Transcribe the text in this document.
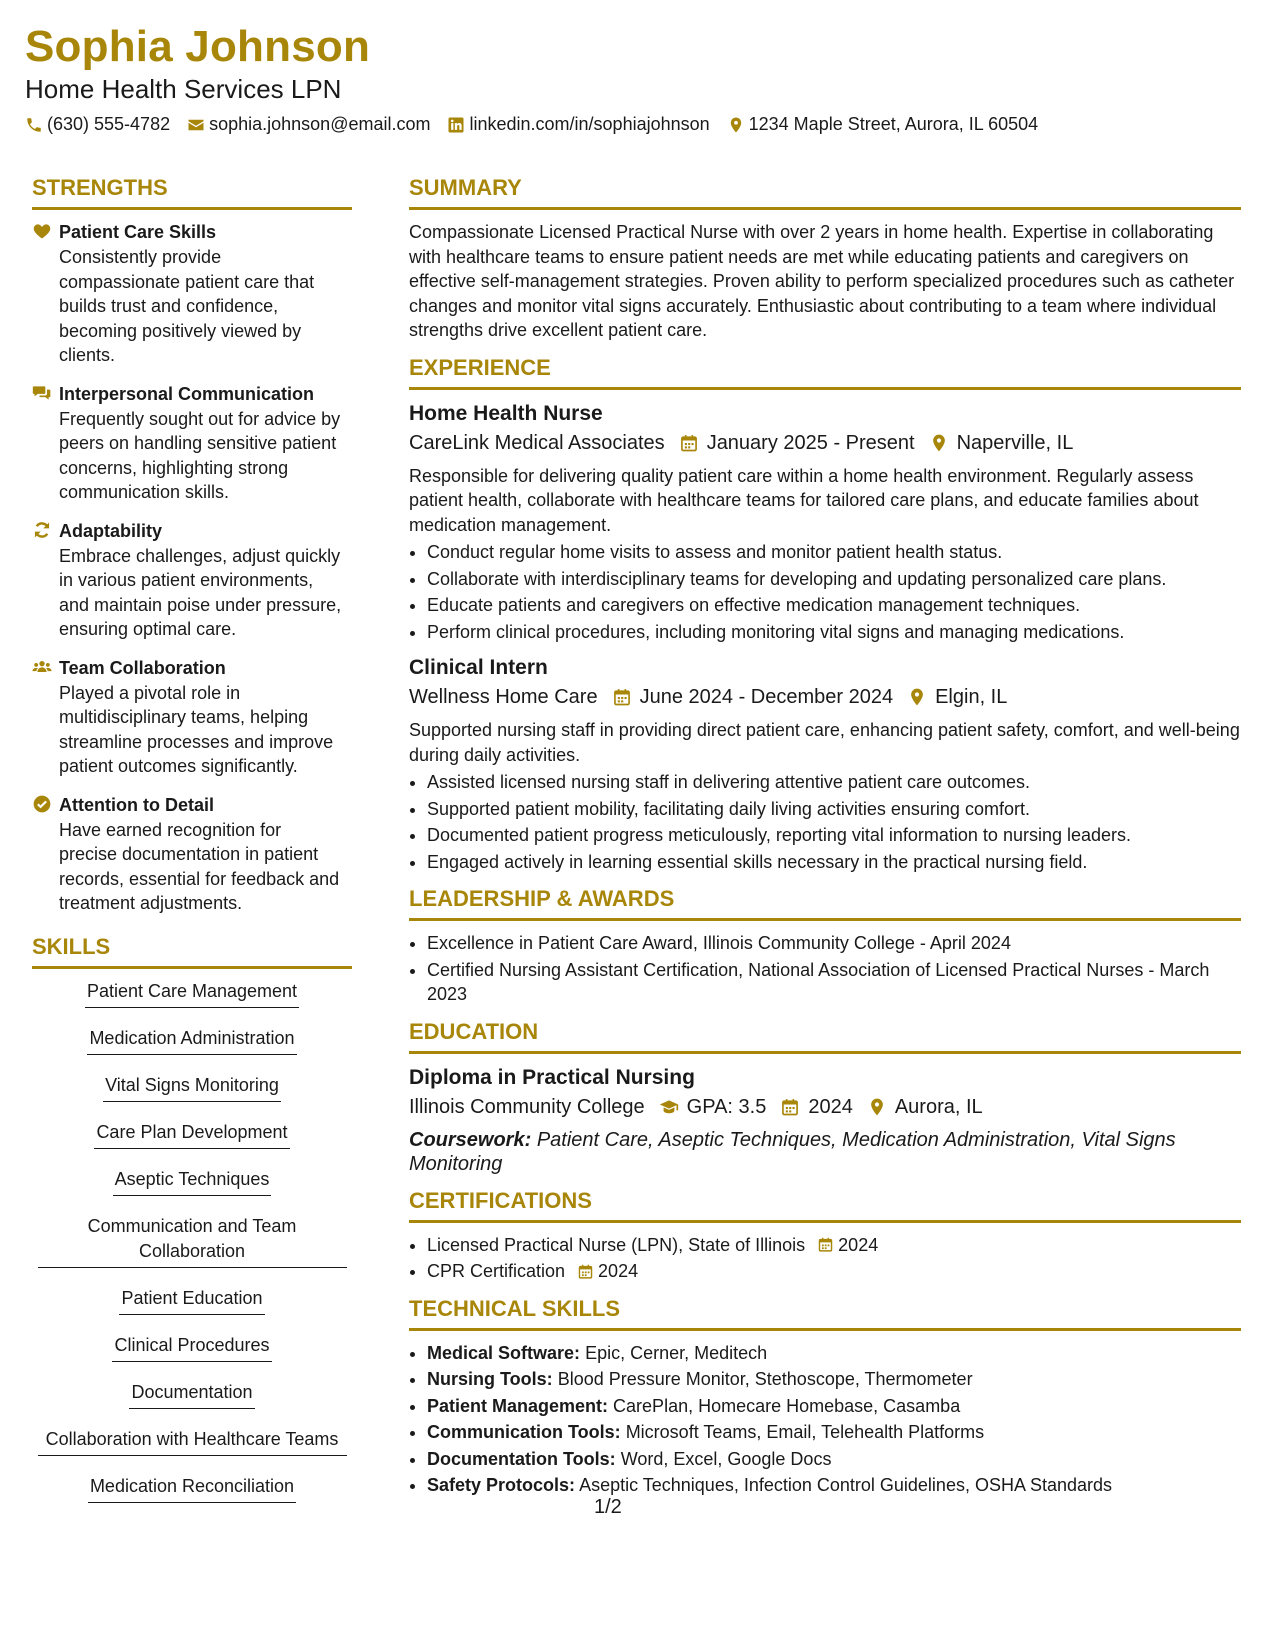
Sophia Johnson
Home Health Services LPN
(630) 555-4782 sophia.johnson@email.com linkedin.com/in/sophiajohnson 1234 Maple Street, Aurora, IL 60504
STRENGTHS
Patient Care Skills
Consistently provide compassionate patient care that builds trust and confidence, becoming positively viewed by clients.
Interpersonal Communication
Frequently sought out for advice by peers on handling sensitive patient concerns, highlighting strong communication skills.
Adaptability
Embrace challenges, adjust quickly in various patient environments, and maintain poise under pressure, ensuring optimal care.
Team Collaboration
Played a pivotal role in multidisciplinary teams, helping streamline processes and improve patient outcomes significantly.
Attention to Detail
Have earned recognition for precise documentation in patient records, essential for feedback and treatment adjustments.
SKILLS
Patient Care Management
Medication Administration
Vital Signs Monitoring
Care Plan Development
Aseptic Techniques
Communication and Team Collaboration
Patient Education
Clinical Procedures
Documentation
Collaboration with Healthcare Teams
Medication Reconciliation
SUMMARY
Compassionate Licensed Practical Nurse with over 2 years in home health. Expertise in collaborating with healthcare teams to ensure patient needs are met while educating patients and caregivers on effective self-management strategies. Proven ability to perform specialized procedures such as catheter changes and monitor vital signs accurately. Enthusiastic about contributing to a team where individual strengths drive excellent patient care.
EXPERIENCE
Home Health Nurse
CareLink Medical Associates January 2025 - Present Naperville, IL
Responsible for delivering quality patient care within a home health environment. Regularly assess patient health, collaborate with healthcare teams for tailored care plans, and educate families about medication management.
• Conduct regular home visits to assess and monitor patient health status.
• Collaborate with interdisciplinary teams for developing and updating personalized care plans.
• Educate patients and caregivers on effective medication management techniques.
• Perform clinical procedures, including monitoring vital signs and managing medications.
Clinical Intern
Wellness Home Care June 2024 - December 2024 Elgin, IL
Supported nursing staff in providing direct patient care, enhancing patient safety, comfort, and well-being during daily activities.
• Assisted licensed nursing staff in delivering attentive patient care outcomes.
• Supported patient mobility, facilitating daily living activities ensuring comfort.
• Documented patient progress meticulously, reporting vital information to nursing leaders.
• Engaged actively in learning essential skills necessary in the practical nursing field.
LEADERSHIP & AWARDS
• Excellence in Patient Care Award, Illinois Community College - April 2024
• Certified Nursing Assistant Certification, National Association of Licensed Practical Nurses - March 2023
EDUCATION
Diploma in Practical Nursing
Illinois Community College GPA: 3.5 2024 Aurora, IL
Coursework: Patient Care, Aseptic Techniques, Medication Administration, Vital Signs Monitoring
CERTIFICATIONS
• Licensed Practical Nurse (LPN), State of Illinois 2024
• CPR Certification 2024
TECHNICAL SKILLS
• Medical Software: Epic, Cerner, Meditech
• Nursing Tools: Blood Pressure Monitor, Stethoscope, Thermometer
• Patient Management: CarePlan, Homecare Homebase, Casamba
• Communication Tools: Microsoft Teams, Email, Telehealth Platforms
• Documentation Tools: Word, Excel, Google Docs
• Safety Protocols: Aseptic Techniques, Infection Control Guidelines, OSHA Standards
1/2
